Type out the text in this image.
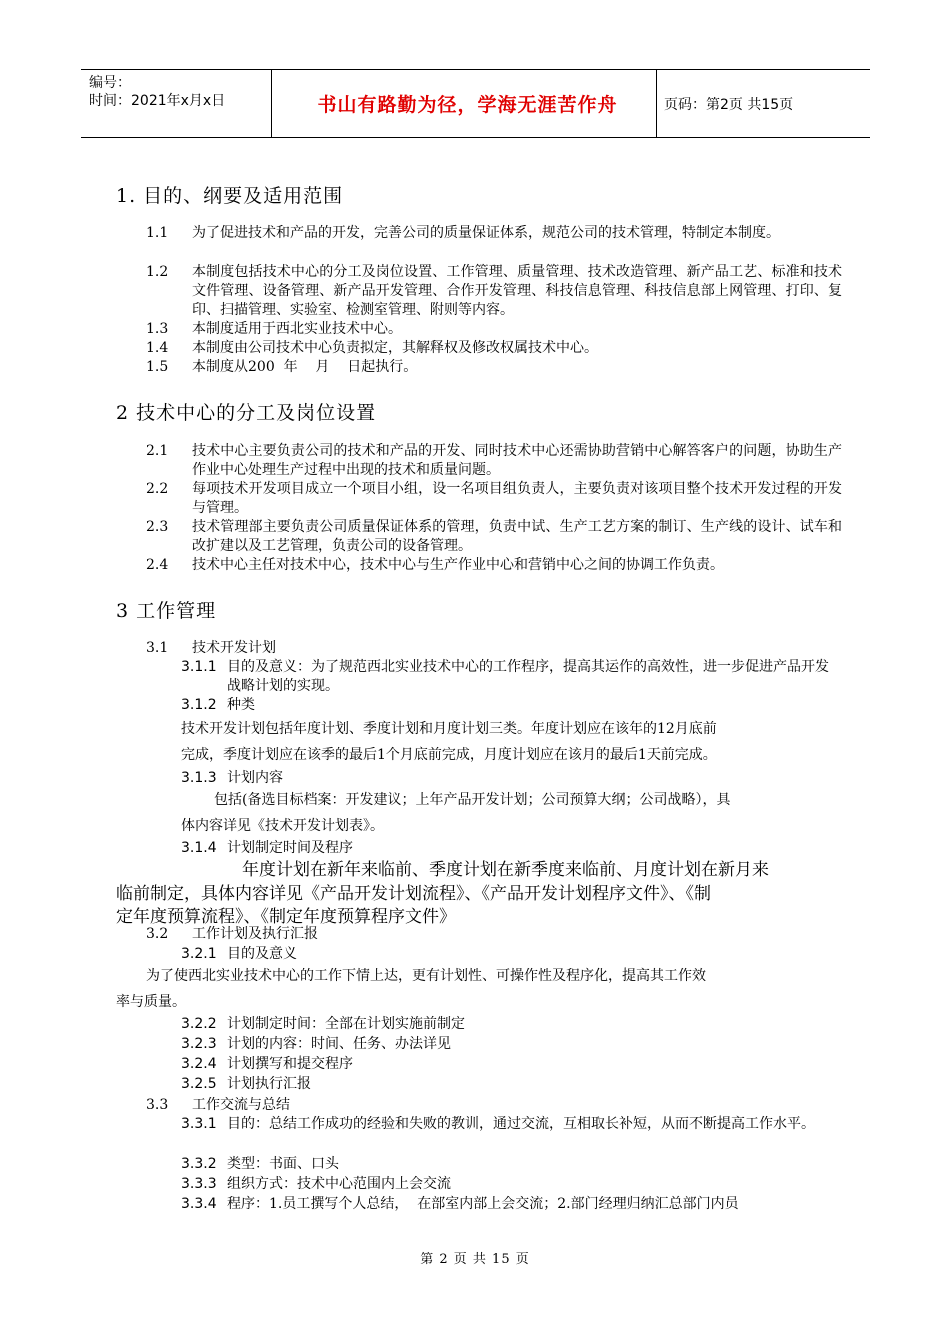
编号：
时间：2021年x月x日	书山有路勤为径，学海无涯苦作舟	页码：第2页 共15页
1. 目的、纲要及适用范围
1.1 为了促进技术和产品的开发，完善公司的质量保证体系，规范公司的技术管理，特制定本制度。
1.2 本制度包括技术中心的分工及岗位设置、工作管理、质量管理、技术改造管理、新产品工艺、标准和技术文件管理、设备管理、新产品开发管理、合作开发管理、科技信息管理、科技信息部上网管理、打印、复印、扫描管理、实验室、检测室管理、附则等内容。
1.3 本制度适用于西北实业技术中心。
1.4 本制度由公司技术中心负责拟定，其解释权及修改权属技术中心。
1.5 本制度从200  年    月    日起执行。
2 技术中心的分工及岗位设置
2.1 技术中心主要负责公司的技术和产品的开发、同时技术中心还需协助营销中心解答客户的问题，协助生产作业中心处理生产过程中出现的技术和质量问题。
2.2 每项技术开发项目成立一个项目小组，设一名项目组负责人，主要负责对该项目整个技术开发过程的开发与管理。
2.3 技术管理部主要负责公司质量保证体系的管理，负责中试、生产工艺方案的制订、生产线的设计、试车和改扩建以及工艺管理，负责公司的设备管理。
2.4 技术中心主任对技术中心，技术中心与生产作业中心和营销中心之间的协调工作负责。
3 工作管理
3.1 技术开发计划
3.1.1 目的及意义：为了规范西北实业技术中心的工作程序，提高其运作的高效性，进一步促进产品开发战略计划的实现。
3.1.2 种类
技术开发计划包括年度计划、季度计划和月度计划三类。年度计划应在该年的12月底前
完成，季度计划应在该季的最后1个月底前完成，月度计划应在该月的最后1天前完成。
3.1.3 计划内容
包括(备选目标档案：开发建议；上年产品开发计划；公司预算大纲；公司战略），具
体内容详见《技术开发计划表》。
3.1.4 计划制定时间及程序
年度计划在新年来临前、季度计划在新季度来临前、月度计划在新月来
临前制定，具体内容详见《产品开发计划流程》、《产品开发计划程序文件》、《制
定年度预算流程》、《制定年度预算程序文件》
3.2 工作计划及执行汇报
3.2.1 目的及意义
为了使西北实业技术中心的工作下情上达，更有计划性、可操作性及程序化，提高其工作效
率与质量。
3.2.2 计划制定时间：全部在计划实施前制定
3.2.3 计划的内容：时间、任务、办法详见
3.2.4 计划撰写和提交程序
3.2.5 计划执行汇报
3.3 工作交流与总结
3.3.1 目的：总结工作成功的经验和失败的教训，通过交流，互相取长补短，从而不断提高工作水平。
3.3.2 类型：书面、口头
3.3.3 组织方式：技术中心范围内上会交流
3.3.4 程序：1.员工撰写个人总结，  在部室内部上会交流；2.部门经理归纳汇总部门内员
第 2 页 共 15 页
